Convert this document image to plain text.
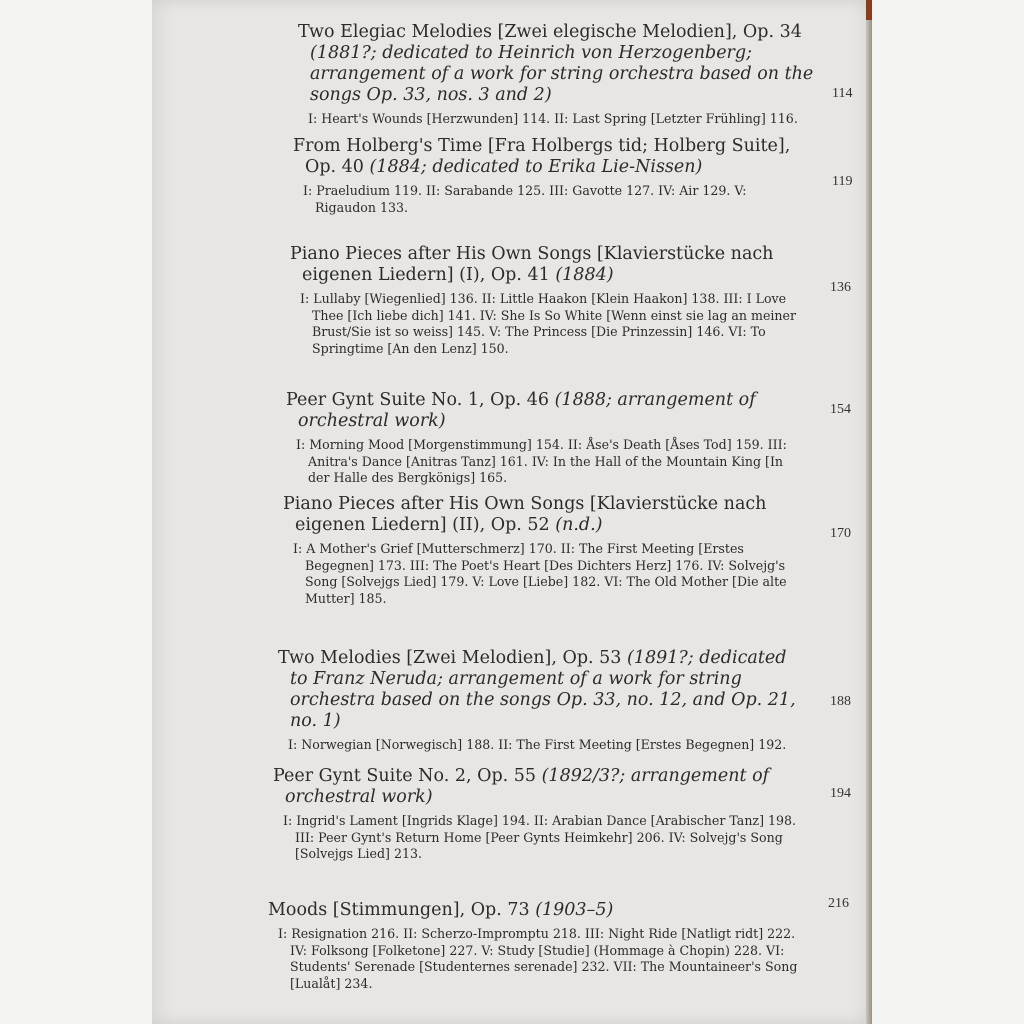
Two Elegiac Melodies [Zwei elegische Melodien], Op. 34 (1881?; dedicated to Heinrich von Herzogenberg; arrangement of a work for string orchestra based on the songs Op. 33, nos. 3 and 2)

I: Heart's Wounds [Herzwunden] 114. II: Last Spring [Letzter Frühling] 116.
114

From Holberg's Time [Fra Holbergs tid; Holberg Suite], Op. 40 (1884; dedicated to Erika Lie-Nissen)

I: Praeludium 119. II: Sarabande 125. III: Gavotte 127. IV: Air 129. V: Rigaudon 133.
119

Piano Pieces after His Own Songs [Klavierstücke nach eigenen Liedern] (I), Op. 41 (1884)

I: Lullaby [Wiegenlied] 136. II: Little Haakon [Klein Haakon] 138. III: I Love Thee [Ich liebe dich] 141. IV: She Is So White [Wenn einst sie lag an meiner Brust/Sie ist so weiss] 145. V: The Princess [Die Prinzessin] 146. VI: To Springtime [An den Lenz] 150.
136

Peer Gynt Suite No. 1, Op. 46 (1888; arrangement of orchestral work)

I: Morning Mood [Morgenstimmung] 154. II: Åse's Death [Åses Tod] 159. III: Anitra's Dance [Anitras Tanz] 161. IV: In the Hall of the Mountain King [In der Halle des Bergkönigs] 165.
154

Piano Pieces after His Own Songs [Klavierstücke nach eigenen Liedern] (II), Op. 52 (n.d.)

I: A Mother's Grief [Mutterschmerz] 170. II: The First Meeting [Erstes Begegnen] 173. III: The Poet's Heart [Des Dichters Herz] 176. IV: Solvejg's Song [Solvejgs Lied] 179. V: Love [Liebe] 182. VI: The Old Mother [Die alte Mutter] 185.
170

Two Melodies [Zwei Melodien], Op. 53 (1891?; dedicated to Franz Neruda; arrangement of a work for string orchestra based on the songs Op. 33, no. 12, and Op. 21, no. 1)

I: Norwegian [Norwegisch] 188. II: The First Meeting [Erstes Begegnen] 192.
188

Peer Gynt Suite No. 2, Op. 55 (1892/3?; arrangement of orchestral work)

I: Ingrid's Lament [Ingrids Klage] 194. II: Arabian Dance [Arabischer Tanz] 198. III: Peer Gynt's Return Home [Peer Gynts Heimkehr] 206. IV: Solvejg's Song [Solvejgs Lied] 213.
194

Moods [Stimmungen], Op. 73 (1903–5)

I: Resignation 216. II: Scherzo-Impromptu 218. III: Night Ride [Natligt ridt] 222. IV: Folksong [Folketone] 227. V: Study [Studie] (Hommage à Chopin) 228. VI: Students' Serenade [Studenternes serenade] 232. VII: The Mountaineer's Song [Lualåt] 234.
216
